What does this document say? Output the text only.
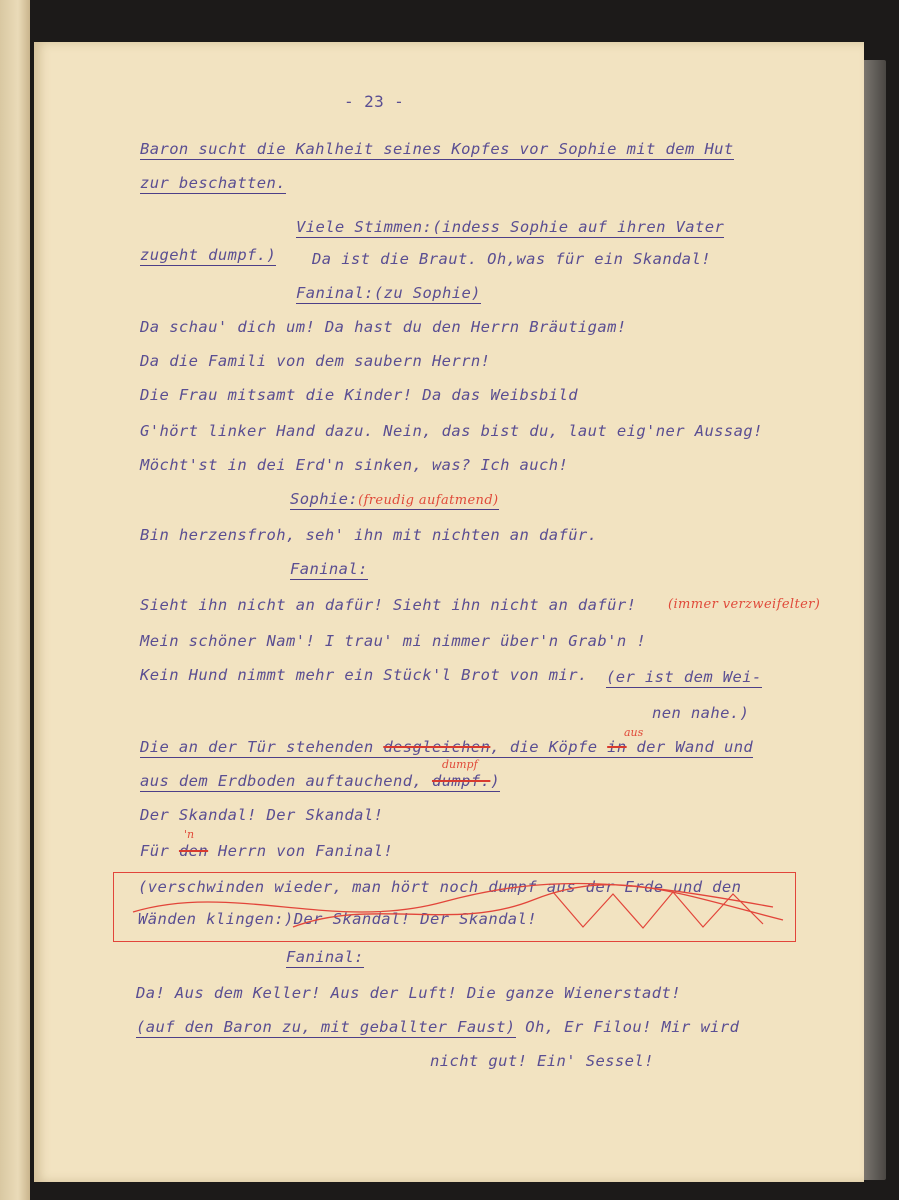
- 23 -
Baron sucht die Kahlheit seines Kopfes vor Sophie mit dem Hut
zur beschatten.
Viele Stimmen:(indess Sophie auf ihren Vater
zugeht dumpf.) Da ist die Braut. Oh,was für ein Skandal!
Faninal:(zu Sophie)
Da schau' dich um! Da hast du den Herrn Bräutigam!
Da die Famili von dem saubern Herrn!
Die Frau mitsamt die Kinder! Da das Weibsbild
G'hört linker Hand dazu. Nein, das bist du, laut eig'ner Aussag!
Möcht'st in dei Erd'n sinken, was? Ich auch!
Sophie:(freudig aufatmend)
Bin herzensfroh, seh' ihn mit nichten an dafür.
Faninal:
Sieht ihn nicht an dafür! Sieht ihn nicht an dafür! (immer verzweifelter)
Mein schöner Nam'! I trau' mi nimmer über'n Grab'n !
Kein Hund nimmt mehr ein Stück'l Brot von mir. (er ist dem Wei-
nen nahe.)
aus
Die an der Tür stehenden desgleichen, die Köpfe in der Wand und
dumpf
aus dem Erdboden auftauchend, dumpf.)
Der Skandal! Der Skandal!
'n
Für den Herrn von Faninal!
(verschwinden wieder, man hört noch dumpf aus der Erde und den
Wänden klingen:)Der Skandal! Der Skandal!
Faninal:
Da! Aus dem Keller! Aus der Luft! Die ganze Wienerstadt!
(auf den Baron zu, mit geballter Faust) Oh, Er Filou! Mir wird
nicht gut! Ein' Sessel!
